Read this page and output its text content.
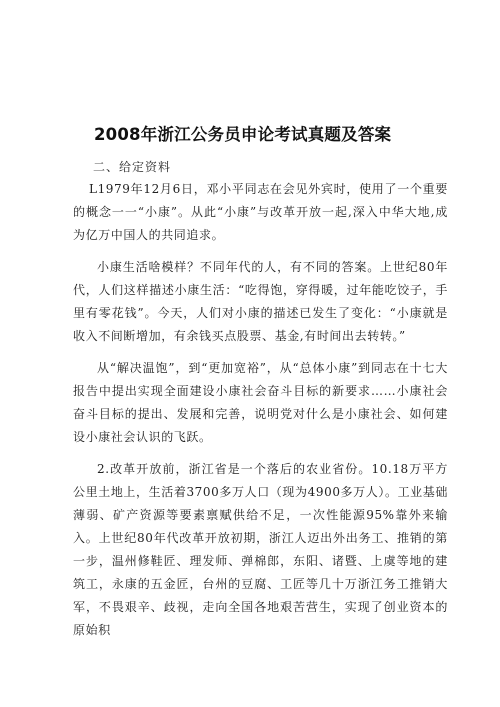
2008年浙江公务员申论考试真题及答案
二、给定资料

L1979年12月6日，邓小平同志在会见外宾时，使用了一个重要的概念一一“小康”。从此“小康”与改革开放一起,深入中华大地,成为亿万中国人的共同追求。

小康生活啥模样？不同年代的人，有不同的答案。上世纪80年代，人们这样描述小康生活：“吃得饱，穿得暖，过年能吃饺子，手里有零花钱”。今天，人们对小康的描述已发生了变化：“小康就是收入不间断增加，有余钱买点股票、基金,有时间出去转转。”

从“解决温饱”，到“更加宽裕”，从“总体小康”到同志在十七大报告中提出实现全面建设小康社会奋斗目标的新要求……小康社会奋斗目标的提出、发展和完善，说明党对什么是小康社会、如何建设小康社会认识的飞跃。

2.改革开放前，浙江省是一个落后的农业省份。10.18万平方公里土地上，生活着3700多万人口（现为4900多万人）。工业基础薄弱、矿产资源等要素禀赋供给不足，一次性能源95%靠外来输入。上世纪80年代改革开放初期，浙江人迈出外出务工、推销的第一步，温州修鞋匠、理发师、弹棉郎，东阳、诸暨、上虞等地的建筑工，永康的五金匠，台州的豆腐、工匠等几十万浙江务工推销大军，不畏艰辛、歧视，走向全国各地艰苦营生，实现了创业资本的原始积
